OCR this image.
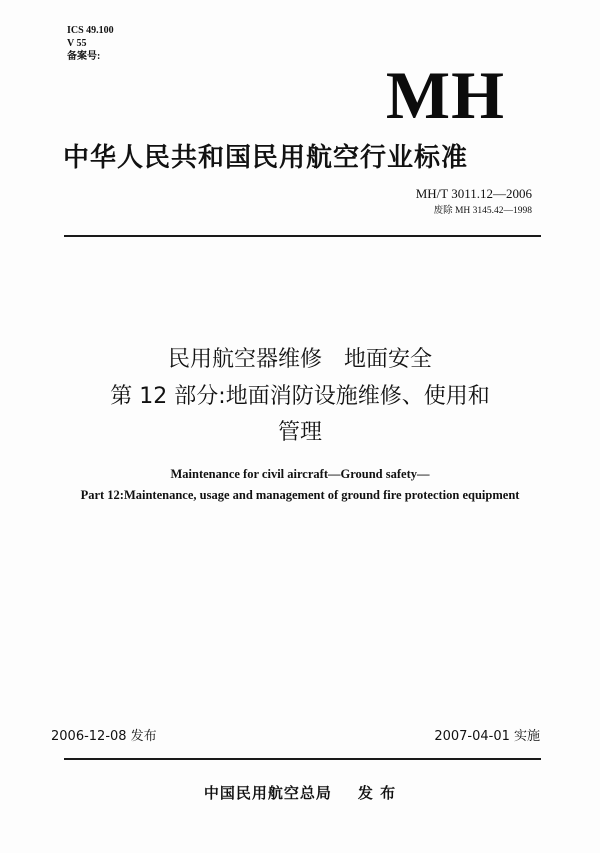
ICS 49.100
V 55
备案号:
MH
中华人民共和国民用航空行业标准
MH/T 3011.12—2006
废除 MH 3145.42—1998
民用航空器维修　地面安全
第 12 部分:地面消防设施维修、使用和
管理
Maintenance for civil aircraft—Ground safety—
Part 12:Maintenance, usage and management of ground fire protection equipment
2006-12-08 发布	2007-04-01 实施
中国民用航空总局 发 布
